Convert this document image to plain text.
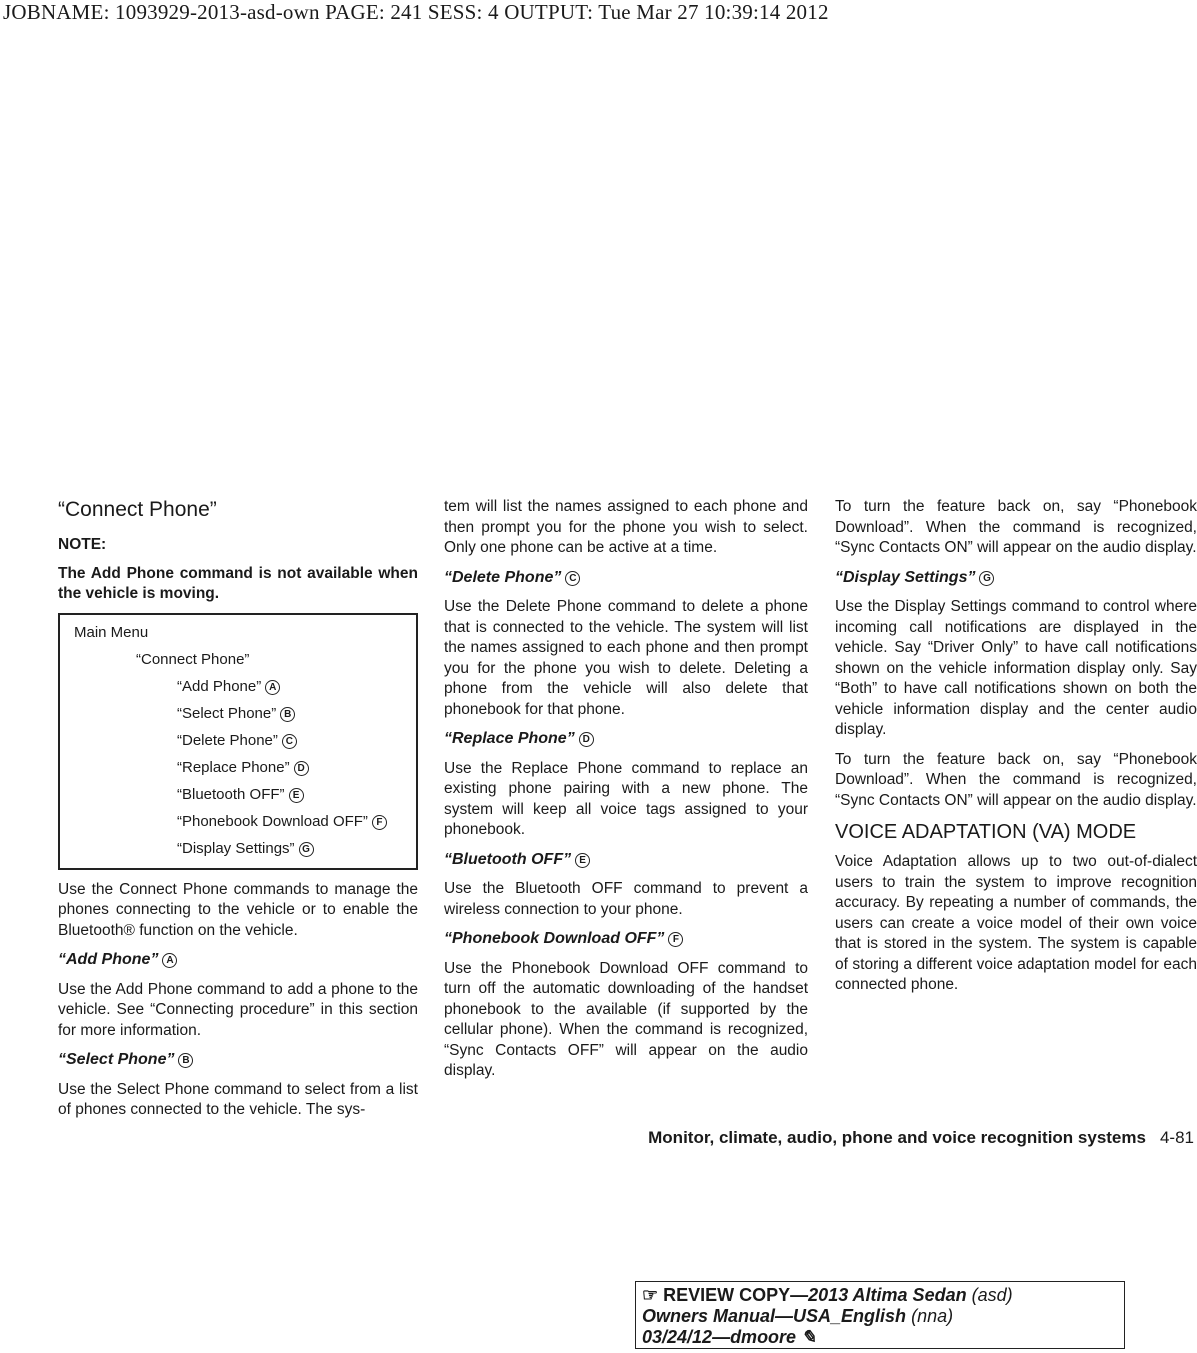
JOBNAME: 1093929-2013-asd-own PAGE: 241 SESS: 4 OUTPUT: Tue Mar 27 10:39:14 2012
“Connect Phone”
NOTE:

The Add Phone command is not available when the vehicle is moving.

Main Menu
“Connect Phone”
“Add Phone” A
“Select Phone” B
“Delete Phone” C
“Replace Phone” D
“Bluetooth OFF” E
“Phonebook Download OFF” F
“Display Settings” G

Use the Connect Phone commands to manage the phones connecting to the vehicle or to enable the Bluetooth® function on the vehicle.

“Add Phone” A

Use the Add Phone command to add a phone to the vehicle. See “Connecting procedure” in this section for more information.

“Select Phone” B

Use the Select Phone command to select from a list of phones connected to the vehicle. The sys-

tem will list the names assigned to each phone and then prompt you for the phone you wish to select. Only one phone can be active at a time.

“Delete Phone” C

Use the Delete Phone command to delete a phone that is connected to the vehicle. The system will list the names assigned to each phone and then prompt you for the phone you wish to delete. Deleting a phone from the vehicle will also delete that phonebook for that phone.

“Replace Phone” D

Use the Replace Phone command to replace an existing phone pairing with a new phone. The system will keep all voice tags assigned to your phonebook.

“Bluetooth OFF” E

Use the Bluetooth OFF command to prevent a wireless connection to your phone.

“Phonebook Download OFF” F

Use the Phonebook Download OFF command to turn off the automatic downloading of the handset phonebook to the available (if supported by the cellular phone). When the command is recognized, “Sync Contacts OFF” will appear on the audio display.

To turn the feature back on, say “Phonebook Download”. When the command is recognized, “Sync Contacts ON” will appear on the audio display.

“Display Settings” G

Use the Display Settings command to control where incoming call notifications are displayed in the vehicle. Say “Driver Only” to have call notifications shown on the vehicle information display only. Say “Both” to have call notifications shown on both the vehicle information display and the center audio display.

To turn the feature back on, say “Phonebook Download”. When the command is recognized, “Sync Contacts ON” will appear on the audio display.

VOICE ADAPTATION (VA) MODE

Voice Adaptation allows up to two out-of-dialect users to train the system to improve recognition accuracy. By repeating a number of commands, the users can create a voice model of their own voice that is stored in the system. The system is capable of storing a different voice adaptation model for each connected phone.

Monitor, climate, audio, phone and voice recognition systems 4-81
☞ REVIEW COPY—2013 Altima Sedan (asd)
Owners Manual—USA_English (nna)
03/24/12—dmoore ✎
